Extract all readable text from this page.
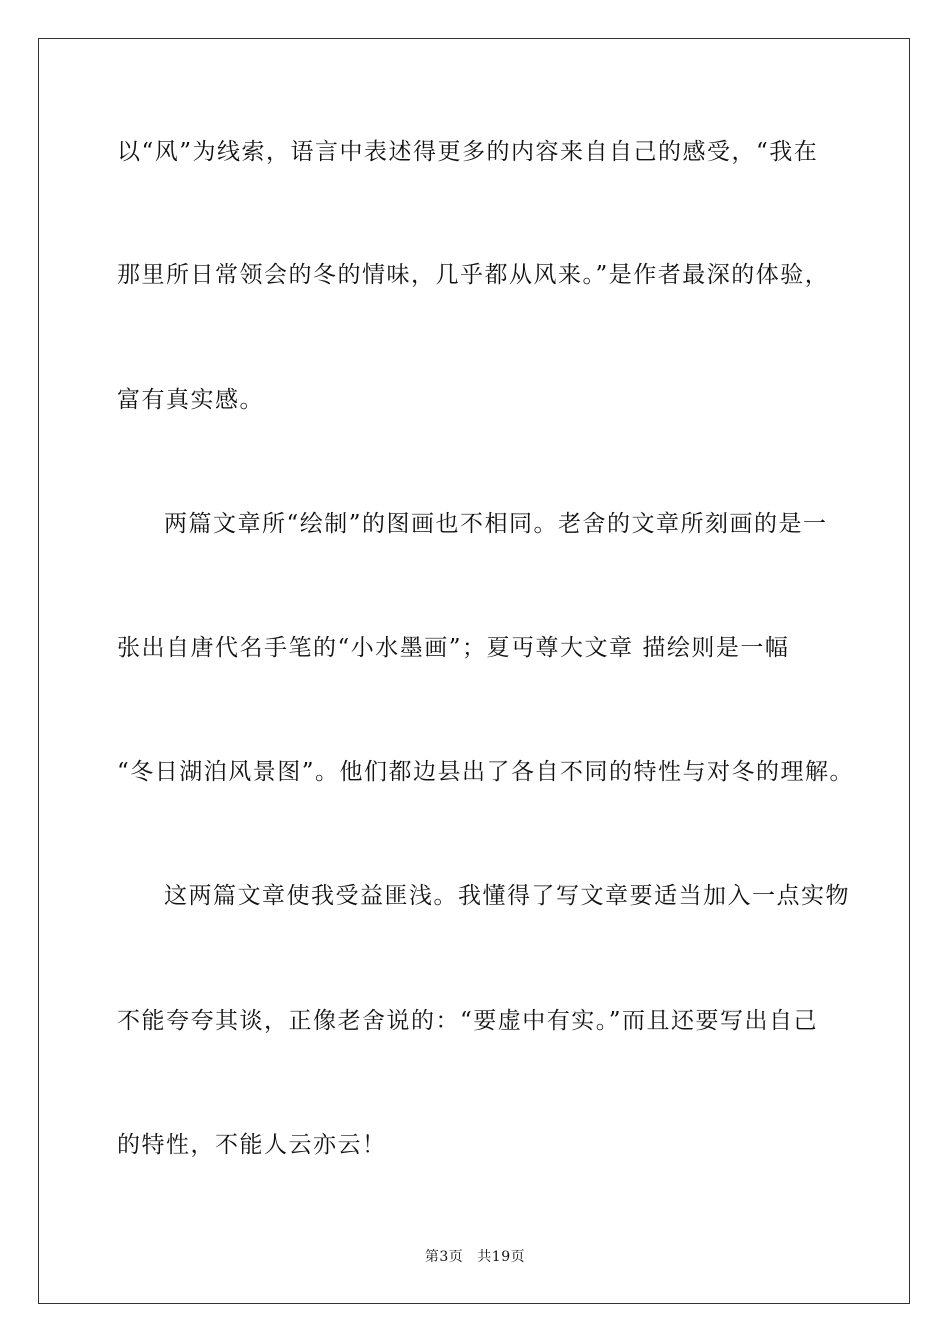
以“风”为线索，语言中表述得更多的内容来自自己的感受，“我在
那里所日常领会的冬的情味，几乎都从风来。”是作者最深的体验，
富有真实感。
两篇文章所“绘制”的图画也不相同。老舍的文章所刻画的是一
张出自唐代名手笔的“小水墨画”；夏丏尊大文章 描绘则是一幅
“冬日湖泊风景图”。他们都边县出了各自不同的特性与对冬的理解。
这两篇文章使我受益匪浅。我懂得了写文章要适当加入一点实物
不能夸夸其谈，正像老舍说的：“要虚中有实。”而且还要写出自己
的特性，不能人云亦云！
第3页 共19页
